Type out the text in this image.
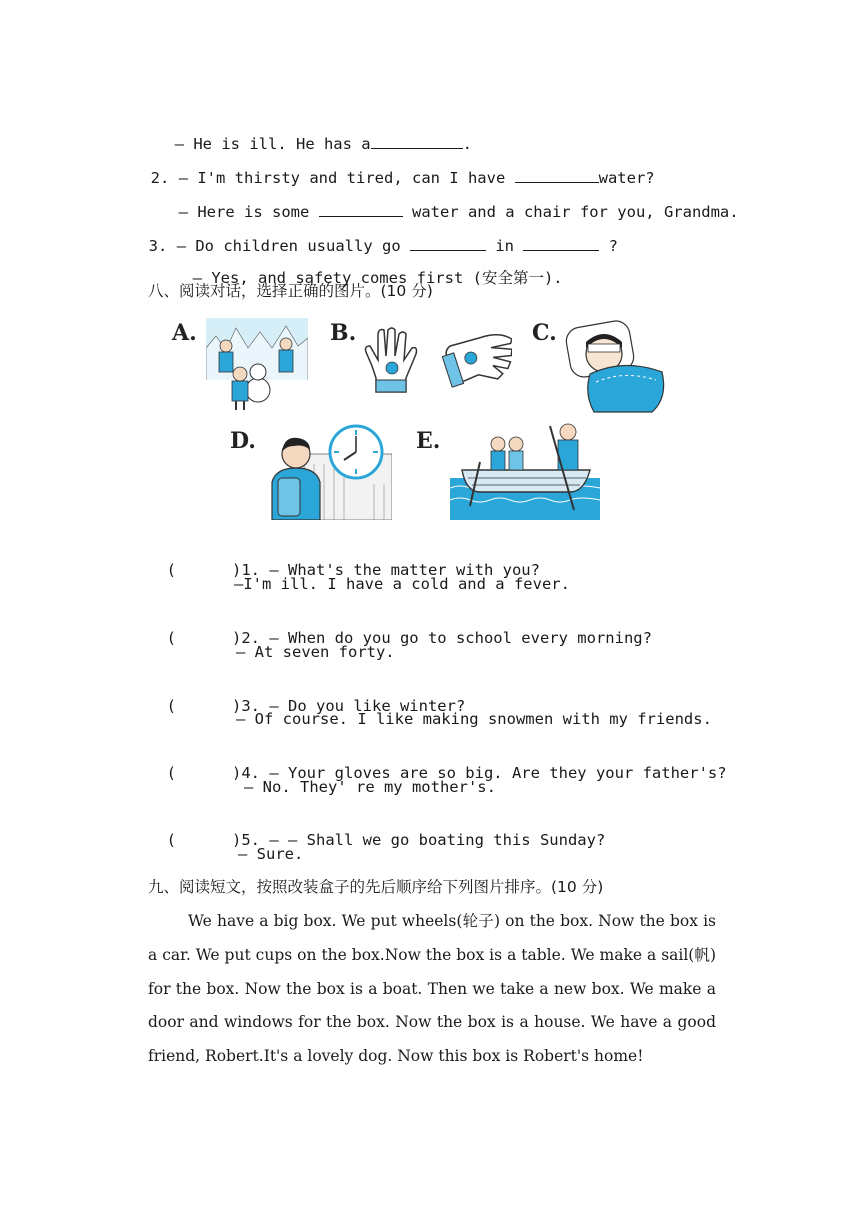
— He is ill. He has a	.

2. — I'm thirsty and tired, can I have	water?

— Here is some	water and a chair for you, Grandma.

3. — Do children usually go	in	?

— Yes, and safety comes first (安全第一).

八、阅读对话，选择正确的图片。(10 分)
A.	B.	C.
D.	E.

(      )1. — What's the matter with you?

—I'm ill. I have a cold and a fever.

(      )2. — When do you go to school every morning?

— At seven forty.

(      )3. — Do you like winter?

— Of course. I like making snowmen with my friends.

(      )4. — Your gloves are so big. Are they your father's?

— No. They' re my mother's.

(      )5. — — Shall we go boating this Sunday?

— Sure.
九、阅读短文，按照改装盒子的先后顺序给下列图片排序。(10 分)
We have a big box. We put wheels(轮子) on the box. Now the box is a car. We put cups on the box.Now the box is a table. We make a sail(帆) for the box. Now the box is a boat. Then we take a new box. We make a door and windows for the box. Now the box is a house. We have a good friend, Robert.It's a lovely dog. Now this box is Robert's home!
